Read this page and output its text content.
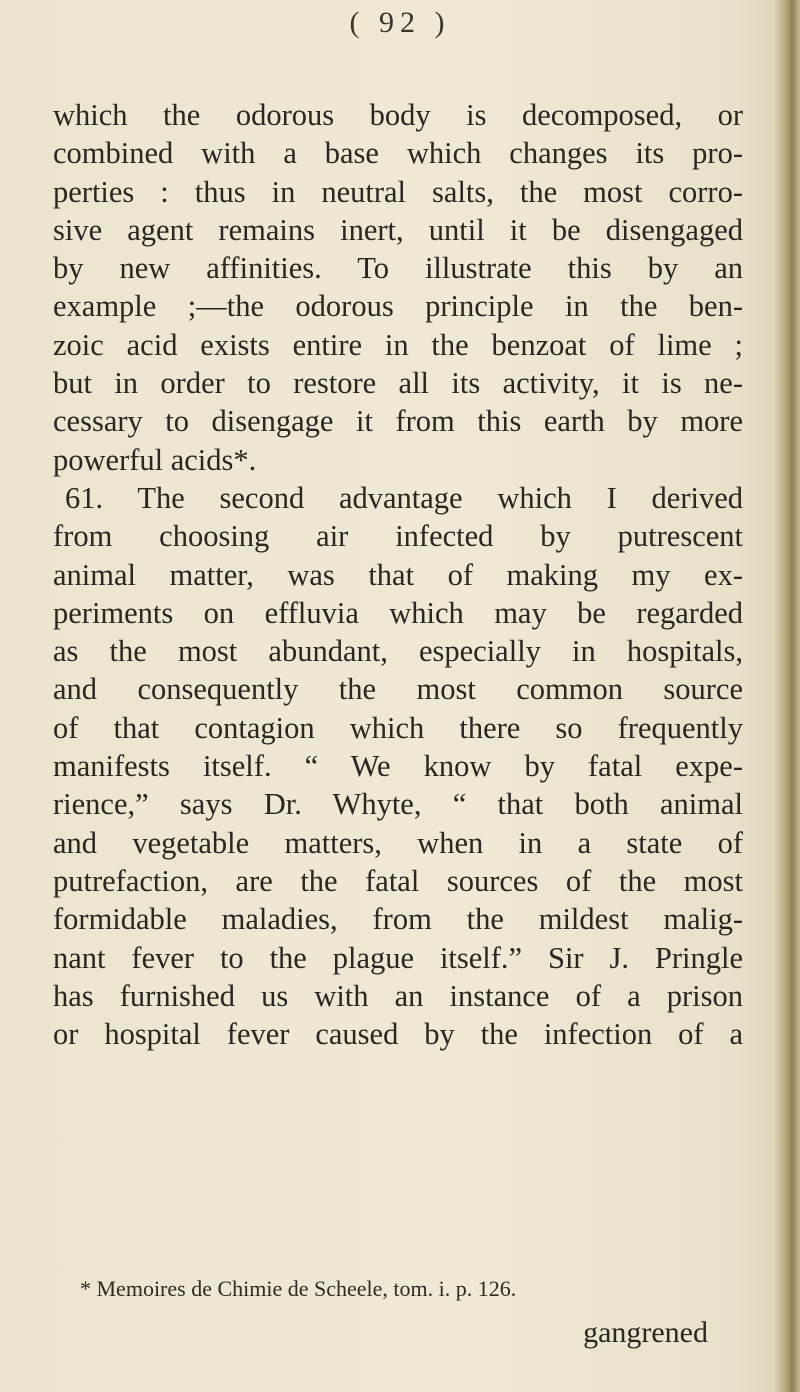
( 92 )
which the odorous body is decomposed, or
combined with a base which changes its pro-
perties : thus in neutral salts, the most corro-
sive agent remains inert, until it be disengaged
by new affinities. To illustrate this by an
example ;—the odorous principle in the ben-
zoic acid exists entire in the benzoat of lime ;
but in order to restore all its activity, it is ne-
cessary to disengage it from this earth by more
powerful acids*.
61. The second advantage which I derived
from choosing air infected by putrescent
animal matter, was that of making my ex-
periments on effluvia which may be regarded
as the most abundant, especially in hospitals,
and consequently the most common source
of that contagion which there so frequently
manifests itself. “ We know by fatal expe-
rience,” says Dr. Whyte, “ that both animal
and vegetable matters, when in a state of
putrefaction, are the fatal sources of the most
formidable maladies, from the mildest malig-
nant fever to the plague itself.” Sir J. Pringle
has furnished us with an instance of a prison
or hospital fever caused by the infection of a
* Memoires de Chimie de Scheele, tom. i. p. 126.
gangrened
